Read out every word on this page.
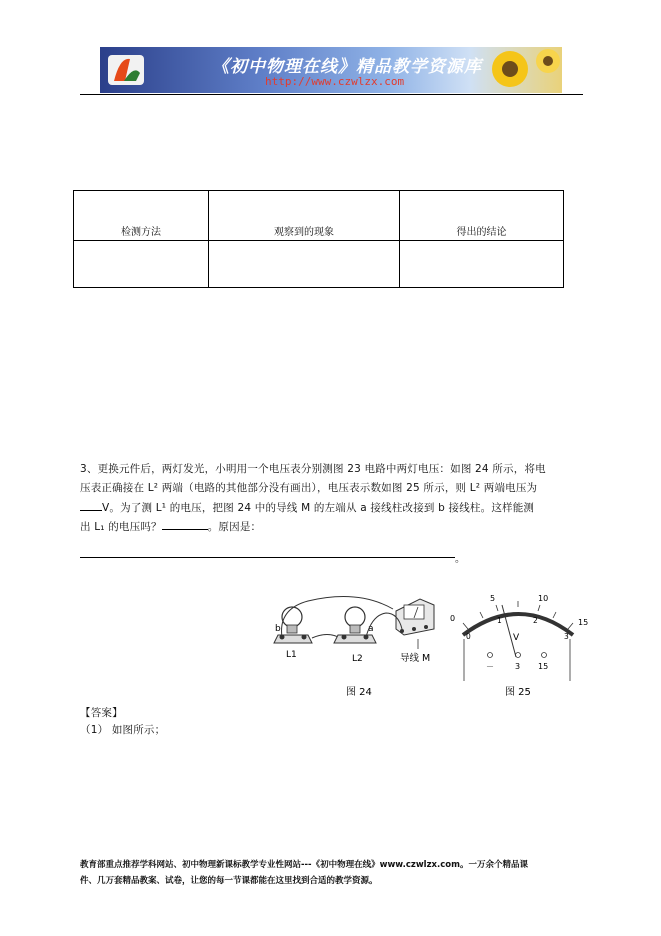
《初中物理在线》精品教学资源库
http://www.czwlzx.com
检测方法	观察到的现象	得出的结论

3、更换元件后，两灯发光，小明用一个电压表分别测图 23 电路中两灯电压：如图 24 所示，将电
压表正确接在 L² 两端（电路的其他部分没有画出），电压表示数如图 25 所示，则 L² 两端电压为
V。为了测 L¹ 的电压，把图 24 中的导线 M 的左端从 a 接线柱改接到 b 接线柱。这样能测
出 L₁ 的电压吗？	。原因是：
。
b
L1
a
L2	导线 M
图 24
0
5	10
15
0
1	2
3
V
－	3 15
图 25
【答案】
（1） 如图所示；
教育部重点推荐学科网站、初中物理新课标教学专业性网站---《初中物理在线》www.czwlzx.com。一万余个精品课
件、几万套精品教案、试卷，让您的每一节课都能在这里找到合适的教学资源。
